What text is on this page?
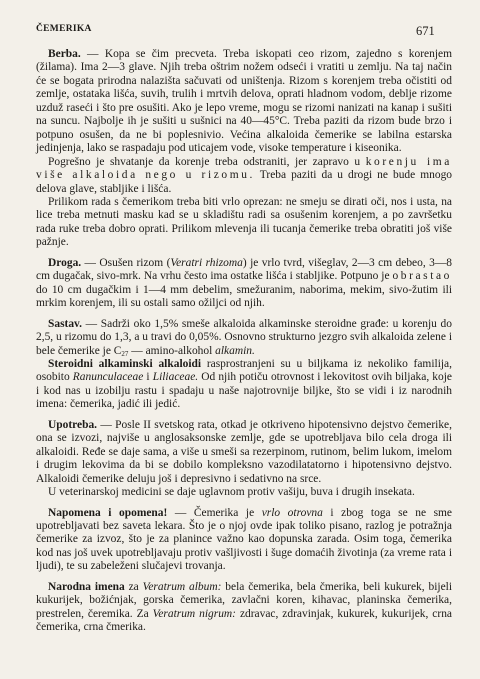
ČEMERIKA	671

Berba. — Kopa se čim precveta. Treba iskopati ceo rizom, zajedno s korenjem (žilama). Ima 2—3 glave. Njih treba oštrim nožem odseći i vratiti u zemlju. Na taj način će se bogata prirodna nalazišta sačuvati od uništenja. Rizom s korenjem treba očistiti od zemlje, ostataka lišća, suvih, trulih i mrtvih delova, oprati hladnom vodom, deblje rizome uzduž raseći i što pre osušiti. Ako je lepo vreme, mogu se rizomi nanizati na kanap i sušiti na suncu. Najbolje ih je sušiti u sušnici na 40—45°C. Treba paziti da rizom bude brzo i potpuno osušen, da ne bi poplesnivio. Većina alkaloida čemerike se labilna estarska jedinjenja, lako se raspadaju pod uticajem vode, visoke temperature i kiseonika.

Pogrešno je shvatanje da korenje treba odstraniti, jer zapravo u korenju ima više alkaloida nego u rizomu. Treba paziti da u drogi ne bude mnogo delova glave, stabljike i lišća.

Prilikom rada s čemerikom treba biti vrlo oprezan: ne smeju se dirati oči, nos i usta, na lice treba metnuti masku kad se u skladištu radi sa osušenim korenjem, a po završetku rada ruke treba dobro oprati. Prilikom mlevenja ili tucanja čemerike treba obratiti još više pažnje.

Droga. — Osušen rizom (Veratri rhizoma) je vrlo tvrd, višeglav, 2—3 cm debeo, 3—8 cm dugačak, sivo-mrk. Na vrhu često ima ostatke lišća i stabljike. Potpuno je obrastao do 10 cm dugačkim i 1—4 mm debelim, smežuranim, naborima, mekim, sivo-žutim ili mrkim korenjem, ili su ostali samo ožiljci od njih.

Sastav. — Sadrži oko 1,5% smeše alkaloida alkaminske steroidne građe: u korenju do 2,5, u rizomu do 1,3, a u travi do 0,05%. Osnovno strukturno jezgro svih alkaloida zelene i bele čemerike je $C_{27}$ — amino-alkohol alkamin.

Steroidni alkaminski alkaloidi rasprostranjeni su u biljkama iz nekoliko familija, osobito Ranunculaceae i Liliaceae. Od njih potiču otrovnost i lekovitost ovih biljaka, koje i kod nas u izobilju rastu i spadaju u naše najotrovnije biljke, što se vidi i iz narodnih imena: čemerika, jadić ili jedić.

Upotreba. — Posle II svetskog rata, otkad je otkriveno hipotensivno dejstvo čemerike, ona se izvozi, najviše u anglosaksonske zemlje, gde se upotrebljava bilo cela droga ili alkaloidi. Ređe se daje sama, a više u smeši sa rezerpinom, rutinom, belim lukom, imelom i drugim lekovima da bi se dobilo kompleksno vazodilatatorno i hipotensivno dejstvo. Alkaloidi čemerike deluju još i depresivno i sedativno na srce.

U veterinarskoj medicini se daje uglavnom protiv vašiju, buva i drugih insekata.

Napomena i opomena! — Čemerika je vrlo otrovna i zbog toga se ne sme upotrebljavati bez saveta lekara. Što je o njoj ovde ipak toliko pisano, razlog je potražnja čemerike za izvoz, što je za planince važno kao dopunska zarada. Osim toga, čemerika kod nas još uvek upotrebljavaju protiv vašljivosti i šuge domaćih životinja (za vreme rata i ljudi), te su zabeleženi slučajevi trovanja.

Narodna imena za Veratrum album: bela čemerika, bela čmerika, beli kukurek, bijeli kukurijek, božićnjak, gorska čemerika, zavlačni koren, kihavac, planinska čemerika, prestrelen, čeremika. Za Veratrum nigrum: zdravac, zdravinjak, kukurek, kukurijek, crna čemerika, crna čmerika.
